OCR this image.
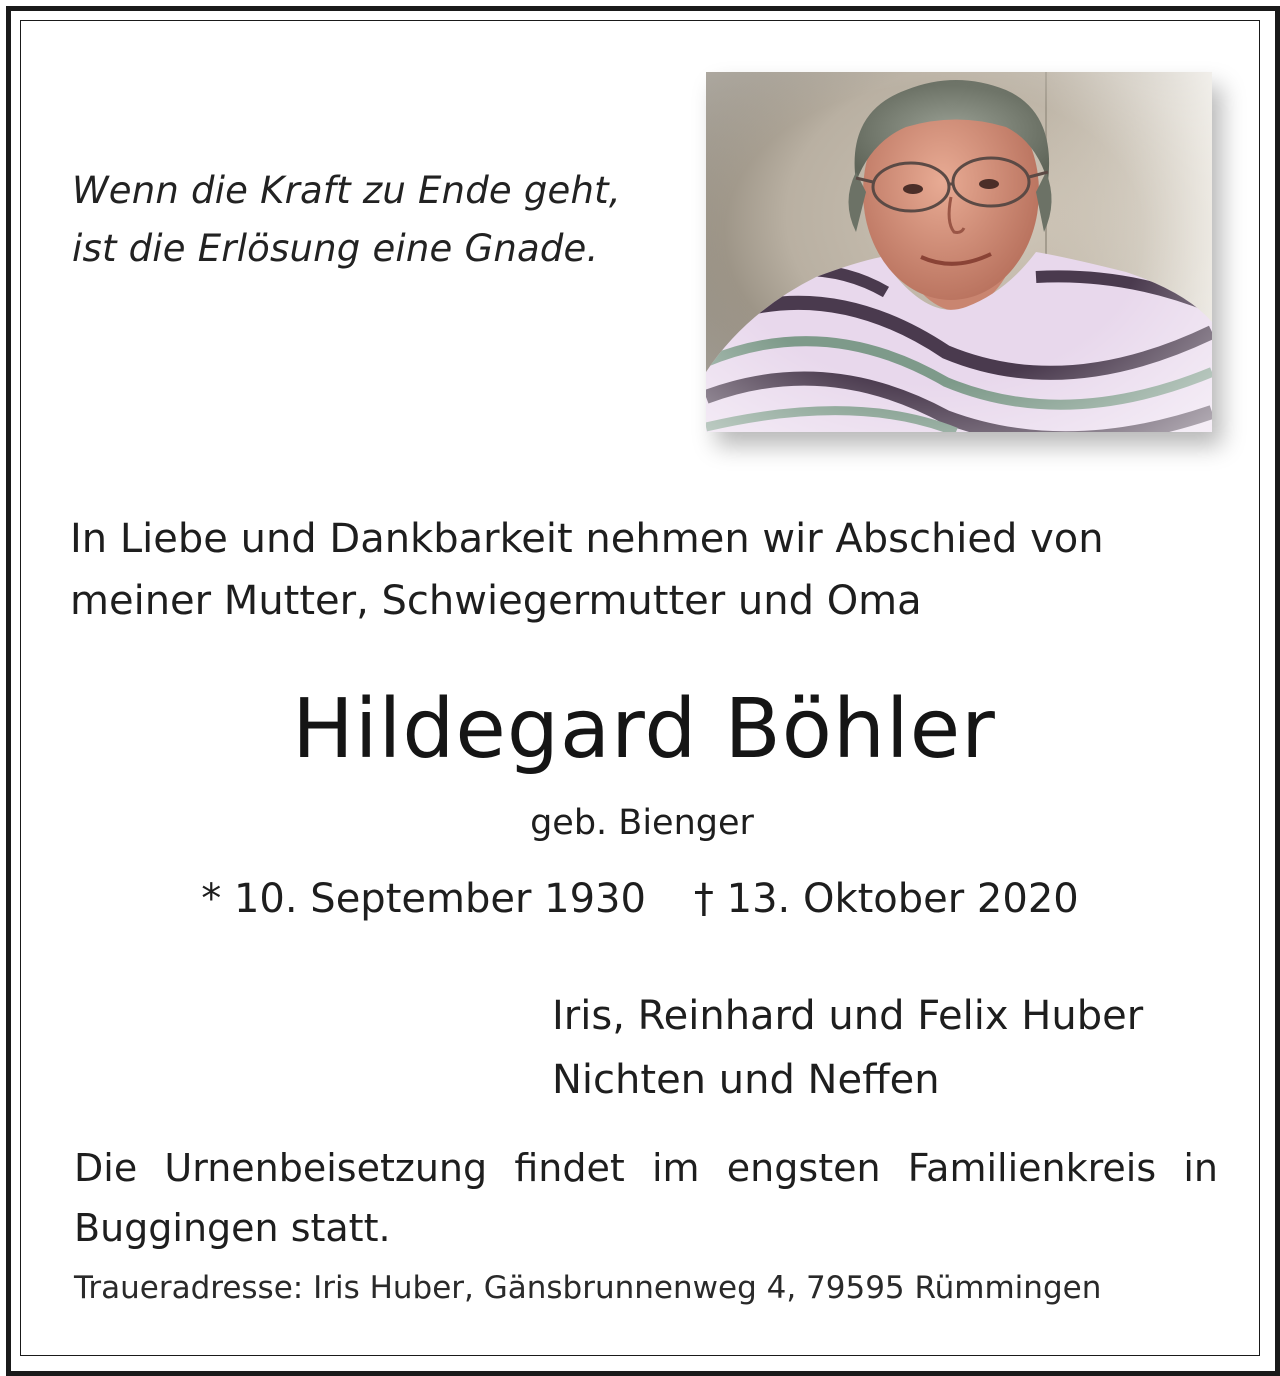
Wenn die Kraft zu Ende geht,
ist die Erlösung eine Gnade.
In Liebe und Dankbarkeit nehmen wir Abschied von
meiner Mutter, Schwiegermutter und Oma
Hildegard Böhler
geb. Bienger
* 10. September 1930 † 13. Oktober 2020
Iris, Reinhard und Felix Huber
Nichten und Neffen
Die Urnenbeisetzung findet im engsten Familienkreis in
Buggingen statt.
Traueradresse: Iris Huber, Gänsbrunnenweg 4, 79595 Rümmingen
